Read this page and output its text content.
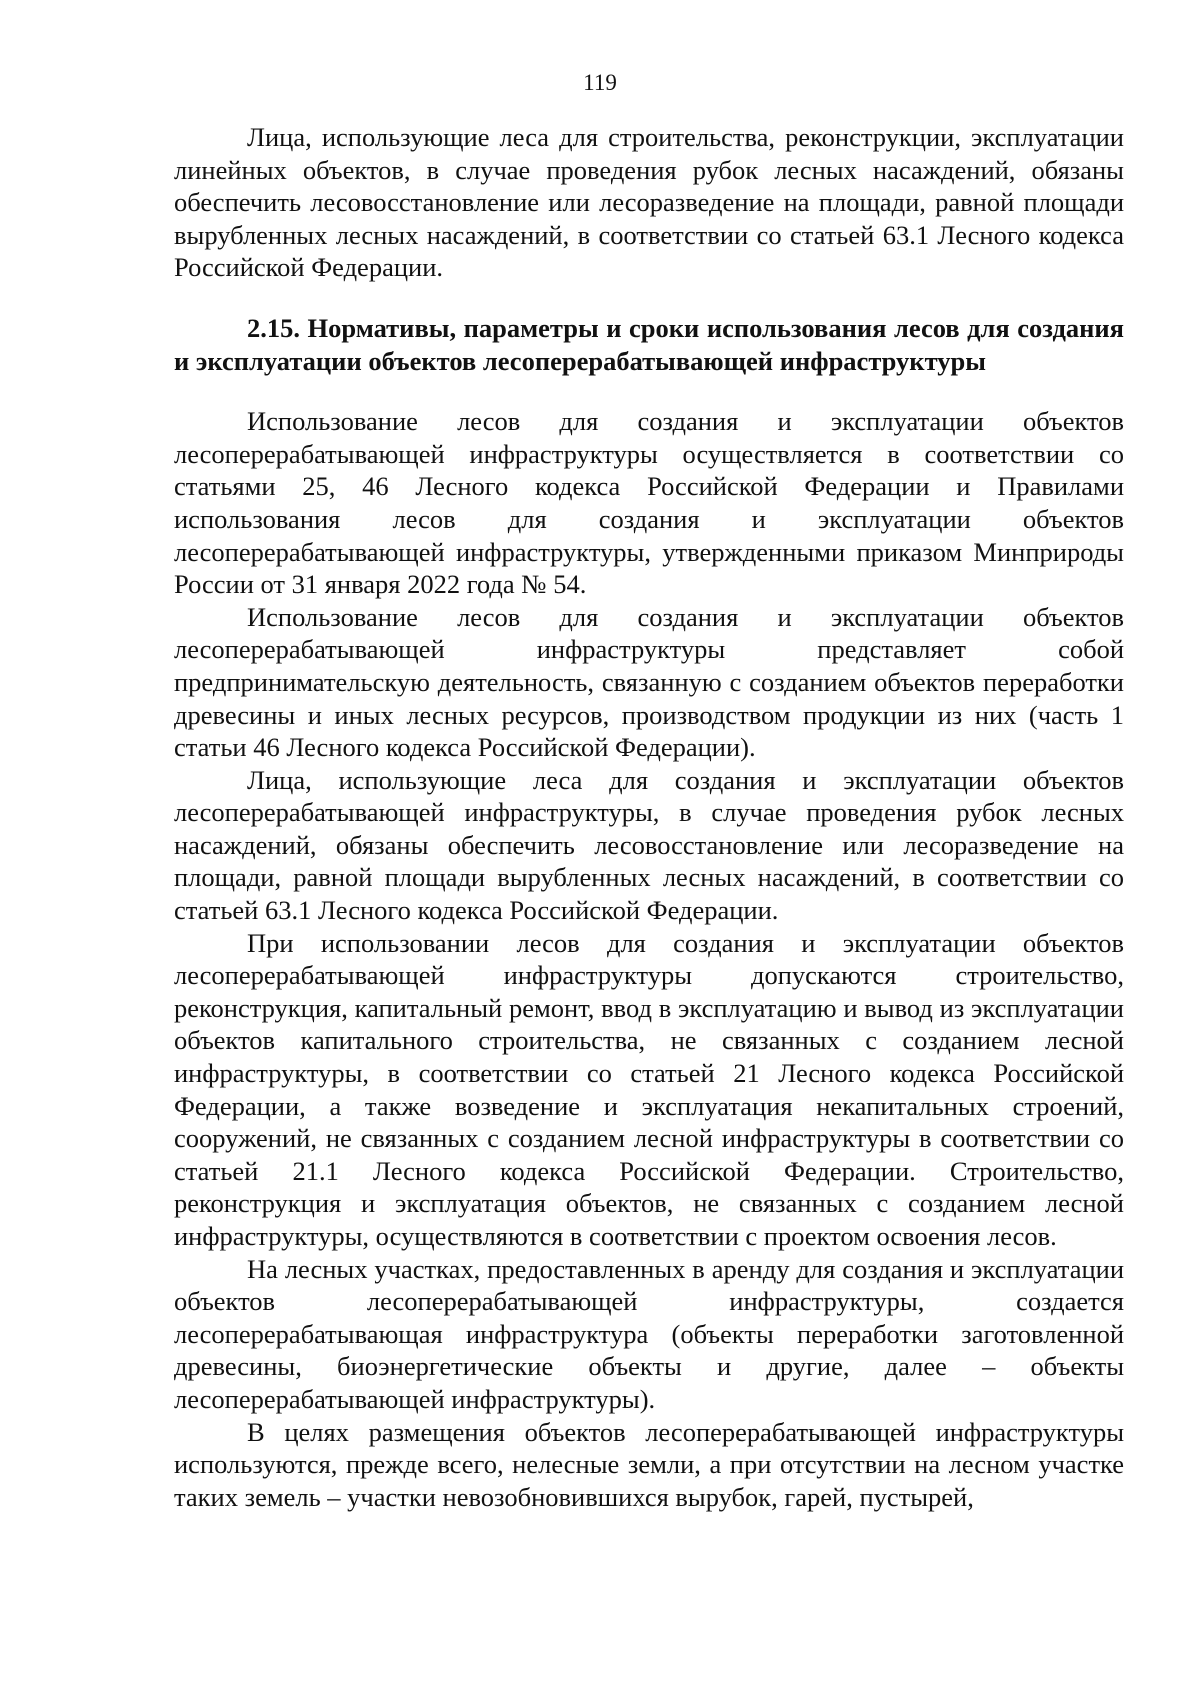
119

Лица, использующие леса для строительства, реконструкции, эксплуатации линейных объектов, в случае проведения рубок лесных насаждений, обязаны обеспечить лесовосстановление или лесоразведение на площади, равной площади вырубленных лесных насаждений, в соответствии со статьей 63.1 Лесного кодекса Российской Федерации.

2.15. Нормативы, параметры и сроки использования лесов для создания и эксплуатации объектов лесоперерабатывающей инфраструктуры

Использование лесов для создания и эксплуатации объектов лесоперерабатывающей инфраструктуры осуществляется в соответствии со статьями 25, 46 Лесного кодекса Российской Федерации и Правилами использования лесов для создания и эксплуатации объектов лесоперерабатывающей инфраструктуры, утвержденными приказом Минприроды России от 31 января 2022 года № 54.

Использование лесов для создания и эксплуатации объектов лесоперерабатывающей инфраструктуры представляет собой предпринимательскую деятельность, связанную с созданием объектов переработки древесины и иных лесных ресурсов, производством продукции из них (часть 1 статьи 46 Лесного кодекса Российской Федерации).

Лица, использующие леса для создания и эксплуатации объектов лесоперерабатывающей инфраструктуры, в случае проведения рубок лесных насаждений, обязаны обеспечить лесовосстановление или лесоразведение на площади, равной площади вырубленных лесных насаждений, в соответствии со статьей 63.1 Лесного кодекса Российской Федерации.

При использовании лесов для создания и эксплуатации объектов лесоперерабатывающей инфраструктуры допускаются строительство, реконструкция, капитальный ремонт, ввод в эксплуатацию и вывод из эксплуатации объектов капитального строительства, не связанных с созданием лесной инфраструктуры, в соответствии со статьей 21 Лесного кодекса Российской Федерации, а также возведение и эксплуатация некапитальных строений, сооружений, не связанных с созданием лесной инфраструктуры в соответствии со статьей 21.1 Лесного кодекса Российской Федерации. Строительство, реконструкция и эксплуатация объектов, не связанных с созданием лесной инфраструктуры, осуществляются в соответствии с проектом освоения лесов.

На лесных участках, предоставленных в аренду для создания и эксплуатации объектов лесоперерабатывающей инфраструктуры, создается лесоперерабатывающая инфраструктура (объекты переработки заготовленной древесины, биоэнергетические объекты и другие, далее – объекты лесоперерабатывающей инфраструктуры).

В целях размещения объектов лесоперерабатывающей инфраструктуры используются, прежде всего, нелесные земли, а при отсутствии на лесном участке таких земель – участки невозобновившихся вырубок, гарей, пустырей,
